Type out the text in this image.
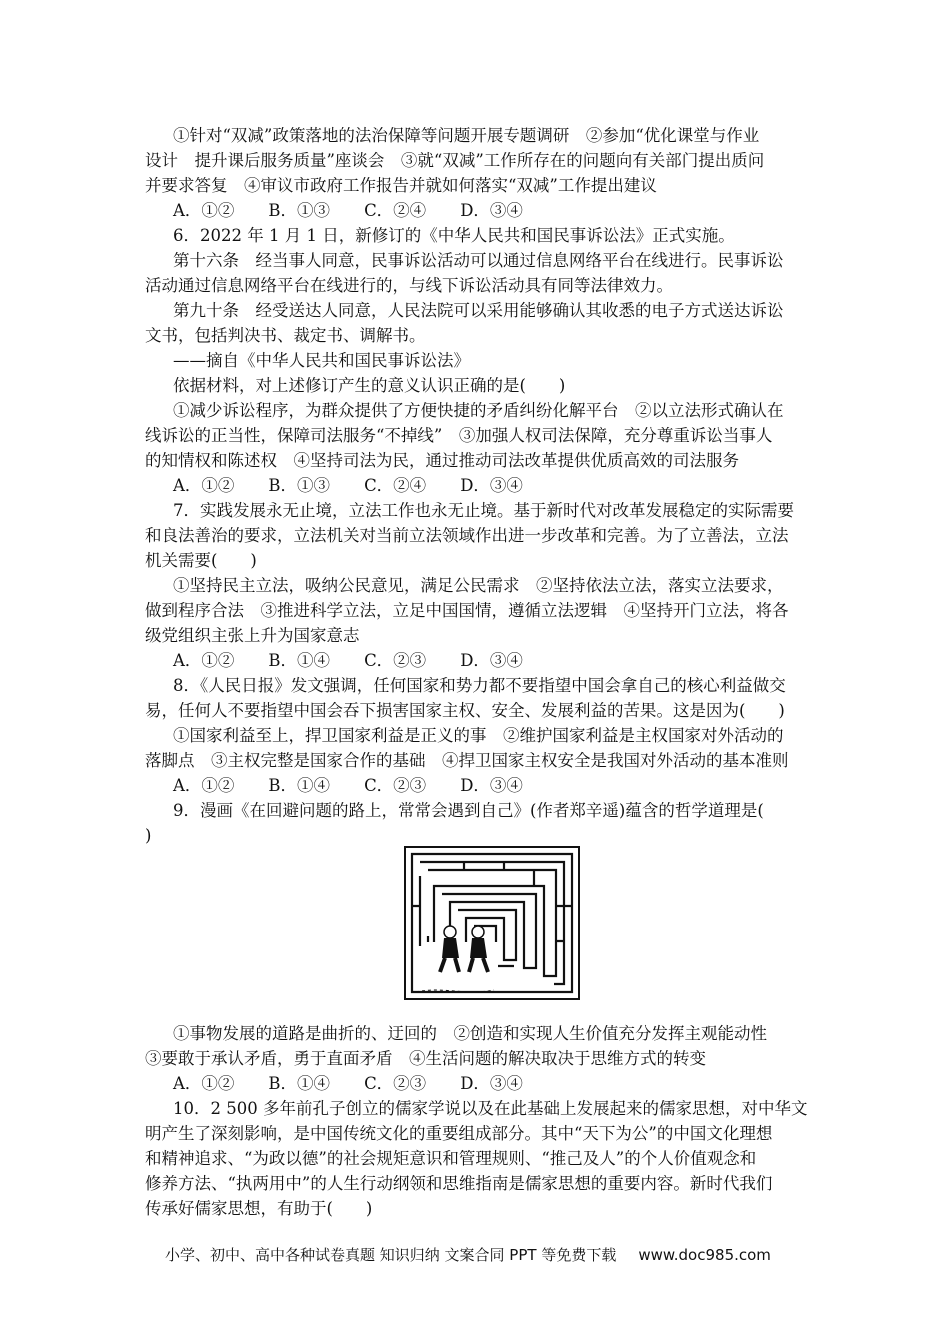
①针对“双减”政策落地的法治保障等问题开展专题调研　②参加“优化课堂与作业
设计　提升课后服务质量”座谈会　③就“双减”工作所存在的问题向有关部门提出质问
并要求答复　④审议市政府工作报告并就如何落实“双减”工作提出建议
A．①② B．①③ C．②④ D．③④
6．2022 年 1 月 1 日，新修订的《中华人民共和国民事诉讼法》正式实施。
第十六条　经当事人同意，民事诉讼活动可以通过信息网络平台在线进行。民事诉讼
活动通过信息网络平台在线进行的，与线下诉讼活动具有同等法律效力。
第九十条　经受送达人同意，人民法院可以采用能够确认其收悉的电子方式送达诉讼
文书，包括判决书、裁定书、调解书。
——摘自《中华人民共和国民事诉讼法》
依据材料，对上述修订产生的意义认识正确的是(　　)
①减少诉讼程序，为群众提供了方便快捷的矛盾纠纷化解平台　②以立法形式确认在
线诉讼的正当性，保障司法服务“不掉线”　③加强人权司法保障，充分尊重诉讼当事人
的知情权和陈述权　④坚持司法为民，通过推动司法改革提供优质高效的司法服务
A．①② B．①③ C．②④ D．③④
7．实践发展永无止境，立法工作也永无止境。基于新时代对改革发展稳定的实际需要
和良法善治的要求，立法机关对当前立法领域作出进一步改革和完善。为了立善法，立法
机关需要(　　)
①坚持民主立法，吸纳公民意见，满足公民需求　②坚持依法立法，落实立法要求，
做到程序合法　③推进科学立法，立足中国国情，遵循立法逻辑　④坚持开门立法，将各
级党组织主张上升为国家意志
A．①② B．①④ C．②③ D．③④
8．《人民日报》发文强调，任何国家和势力都不要指望中国会拿自己的核心利益做交
易，任何人不要指望中国会吞下损害国家主权、安全、发展利益的苦果。这是因为(　　)
①国家利益至上，捍卫国家利益是正义的事　②维护国家利益是主权国家对外活动的
落脚点　③主权完整是国家合作的基础　④捍卫国家主权安全是我国对外活动的基本准则
A．①② B．①④ C．②③ D．③④
9．漫画《在回避问题的路上，常常会遇到自己》(作者郑辛遥)蕴含的哲学道理是(
)
①事物发展的道路是曲折的、迂回的　②创造和实现人生价值充分发挥主观能动性
③要敢于承认矛盾，勇于直面矛盾　④生活问题的解决取决于思维方式的转变
A．①② B．①④ C．②③ D．③④
10．2 500 多年前孔子创立的儒家学说以及在此基础上发展起来的儒家思想，对中华文
明产生了深刻影响，是中国传统文化的重要组成部分。其中“天下为公”的中国文化理想
和精神追求、“为政以德”的社会规矩意识和管理规则、“推己及人”的个人价值观念和
修养方法、“执两用中”的人生行动纲领和思维指南是儒家思想的重要内容。新时代我们
传承好儒家思想，有助于(　　)
小学、初中、高中各种试卷真题 知识归纳 文案合同 PPT 等免费下载 www.doc985.com
